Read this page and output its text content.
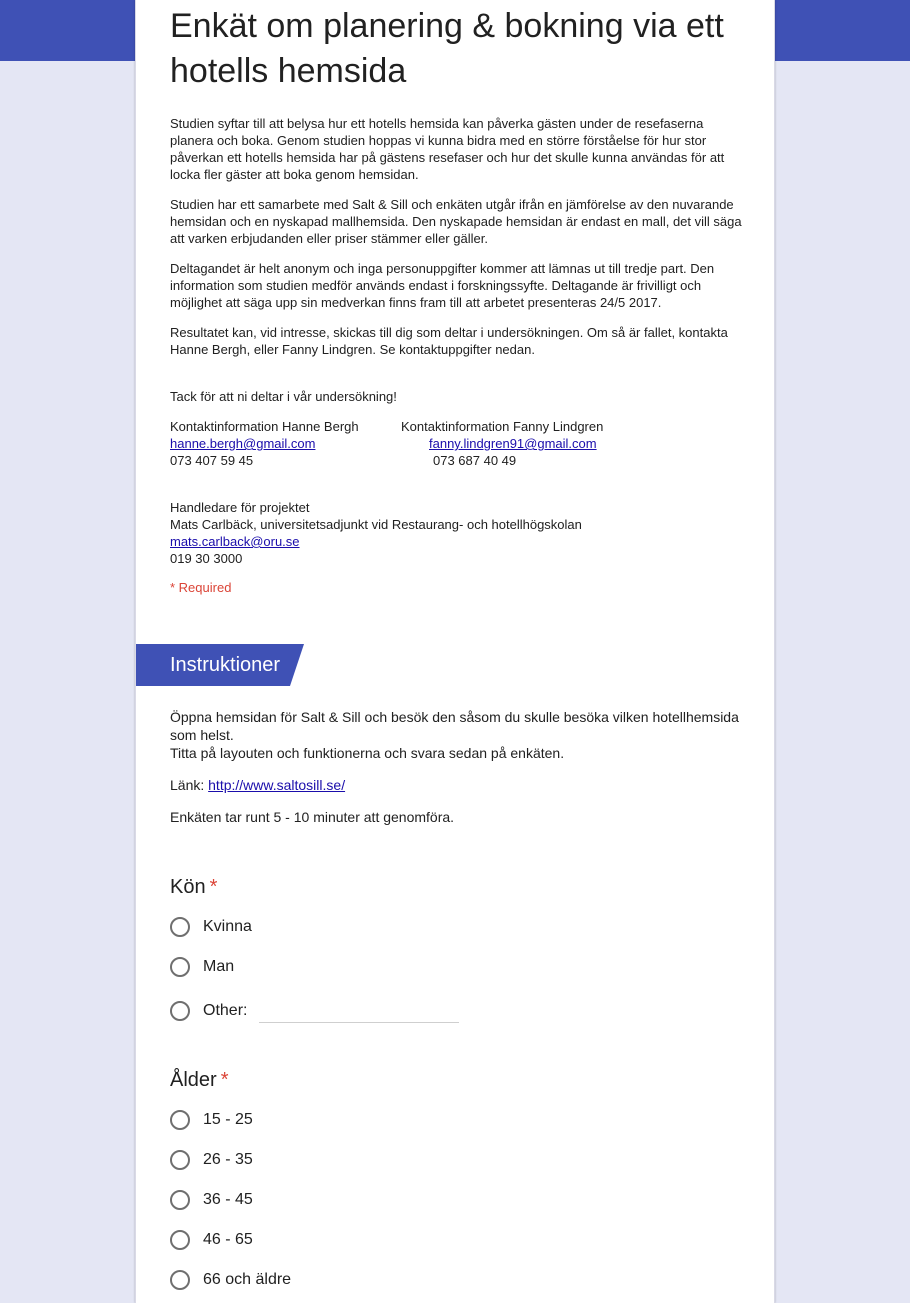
Enkät om planering & bokning via ett hotells hemsida

Studien syftar till att belysa hur ett hotells hemsida kan påverka gästen under de resefaserna planera och boka. Genom studien hoppas vi kunna bidra med en större förståelse för hur stor påverkan ett hotells hemsida har på gästens resefaser och hur det skulle kunna användas för att locka fler gäster att boka genom hemsidan.

Studien har ett samarbete med Salt & Sill och enkäten utgår ifrån en jämförelse av den nuvarande hemsidan och en nyskapad mallhemsida. Den nyskapade hemsidan är endast en mall, det vill säga att varken erbjudanden eller priser stämmer eller gäller.

Deltagandet är helt anonym och inga personuppgifter kommer att lämnas ut till tredje part. Den information som studien medför används endast i forskningssyfte. Deltagande är frivilligt och möjlighet att säga upp sin medverkan finns fram till att arbetet presenteras 24/5 2017.

Resultatet kan, vid intresse, skickas till dig som deltar i undersökningen. Om så är fallet, kontakta Hanne Bergh, eller Fanny Lindgren. Se kontaktuppgifter nedan.

Tack för att ni deltar i vår undersökning!

Kontaktinformation Hanne Bergh
hanne.bergh@gmail.com
073 407 59 45
Kontaktinformation Fanny Lindgren
fanny.lindgren91@gmail.com
073 687 40 49
Handledare för projektet
Mats Carlbäck, universitetsadjunkt vid Restaurang- och hotellhögskolan
mats.carlback@oru.se
019 30 3000
* Required
Instruktioner

Öppna hemsidan för Salt & Sill och besök den såsom du skulle besöka vilken hotellhemsida som helst.

Titta på layouten och funktionerna och svara sedan på enkäten.

Länk: http://www.saltosill.se/

Enkäten tar runt 5 - 10 minuter att genomföra.

Kön *
Kvinna
Man
Other:
Ålder *
15 - 25
26 - 35
36 - 45
46 - 65
66 och äldre
